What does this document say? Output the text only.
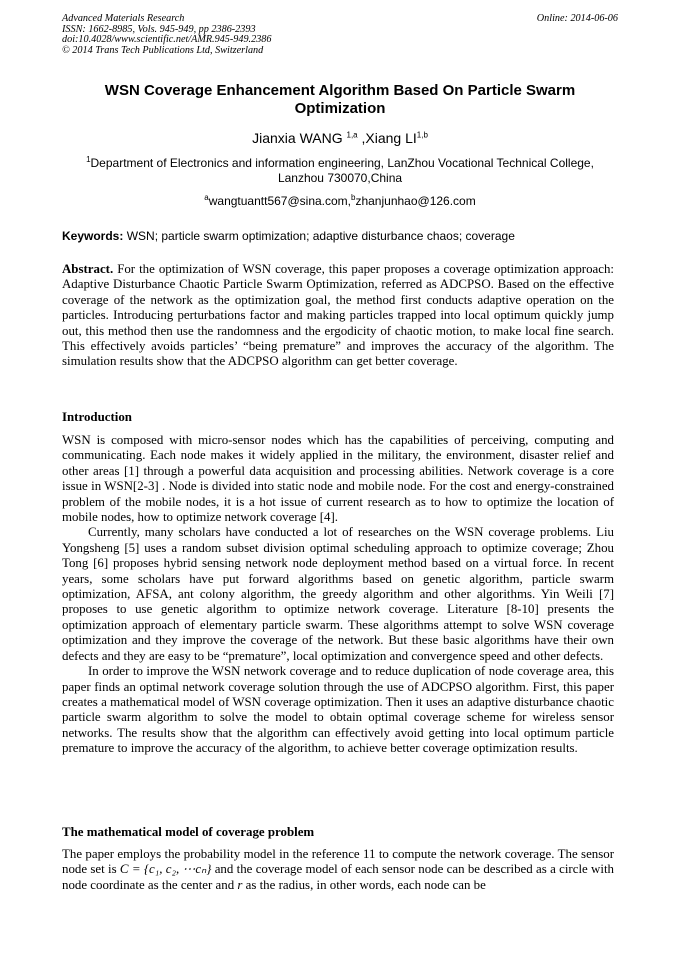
Advanced Materials Research
ISSN: 1662-8985, Vols. 945-949, pp 2386-2393
doi:10.4028/www.scientific.net/AMR.945-949.2386
© 2014 Trans Tech Publications Ltd, Switzerland
Online: 2014-06-06
WSN Coverage Enhancement Algorithm Based On Particle Swarm
Optimization
Jianxia WANG $^{1,a}$ ,Xiang LI$^{1,b}$
$^1$Department of Electronics and information engineering, LanZhou Vocational Technical College,
Lanzhou 730070,China
$^a$wangtuantt567@sina.com,$^b$zhanjunhao@126.com
Keywords: WSN; particle swarm optimization; adaptive disturbance chaos; coverage

Abstract. For the optimization of WSN coverage, this paper proposes a coverage optimization approach: Adaptive Disturbance Chaotic Particle Swarm Optimization, referred as ADCPSO. Based on the effective coverage of the network as the optimization goal, the method first conducts adaptive operation on the particles. Introducing perturbations factor and making particles trapped into local optimum quickly jump out, this method then use the randomness and the ergodicity of chaotic motion, to make local fine search. This effectively avoids particles’ “being premature” and improves the accuracy of the algorithm. The simulation results show that the ADCPSO algorithm can get better coverage.

Introduction

WSN is composed with micro-sensor nodes which has the capabilities of perceiving, computing and communicating. Each node makes it widely applied in the military, the environment, disaster relief and other areas [1] through a powerful data acquisition and processing abilities. Network coverage is a core issue in WSN[2-3] . Node is divided into static node and mobile node. For the cost and energy-constrained problem of the mobile nodes, it is a hot issue of current research as to how to optimize the location of mobile nodes, how to optimize network coverage [4].

Currently, many scholars have conducted a lot of researches on the WSN coverage problems. Liu Yongsheng [5] uses a random subset division optimal scheduling approach to optimize coverage; Zhou Tong [6] proposes hybrid sensing network node deployment method based on a virtual force. In recent years, some scholars have put forward algorithms based on genetic algorithm, particle swarm optimization, AFSA, ant colony algorithm, the greedy algorithm and other algorithms. Yin Weili [7] proposes to use genetic algorithm to optimize network coverage. Literature [8-10] presents the optimization approach of elementary particle swarm. These algorithms attempt to solve WSN coverage optimization and they improve the coverage of the network. But these basic algorithms have their own defects and they are easy to be “premature”, local optimization and convergence speed and other defects.

In order to improve the WSN network coverage and to reduce duplication of node coverage area, this paper finds an optimal network coverage solution through the use of ADCPSO algorithm. First, this paper creates a mathematical model of WSN coverage optimization. Then it uses an adaptive disturbance chaotic particle swarm algorithm to solve the model to obtain optimal coverage scheme for wireless sensor networks. The results show that the algorithm can effectively avoid getting into local optimum particle premature to improve the accuracy of the algorithm, to achieve better coverage optimization results.

The mathematical model of coverage problem

The paper employs the probability model in the reference 11 to compute the network coverage. The sensor node set is C = {c₁, c₂, ⋯cₙ} and the coverage model of each sensor node can be described as a circle with node coordinate as the center and r as the radius, in other words, each node can be
